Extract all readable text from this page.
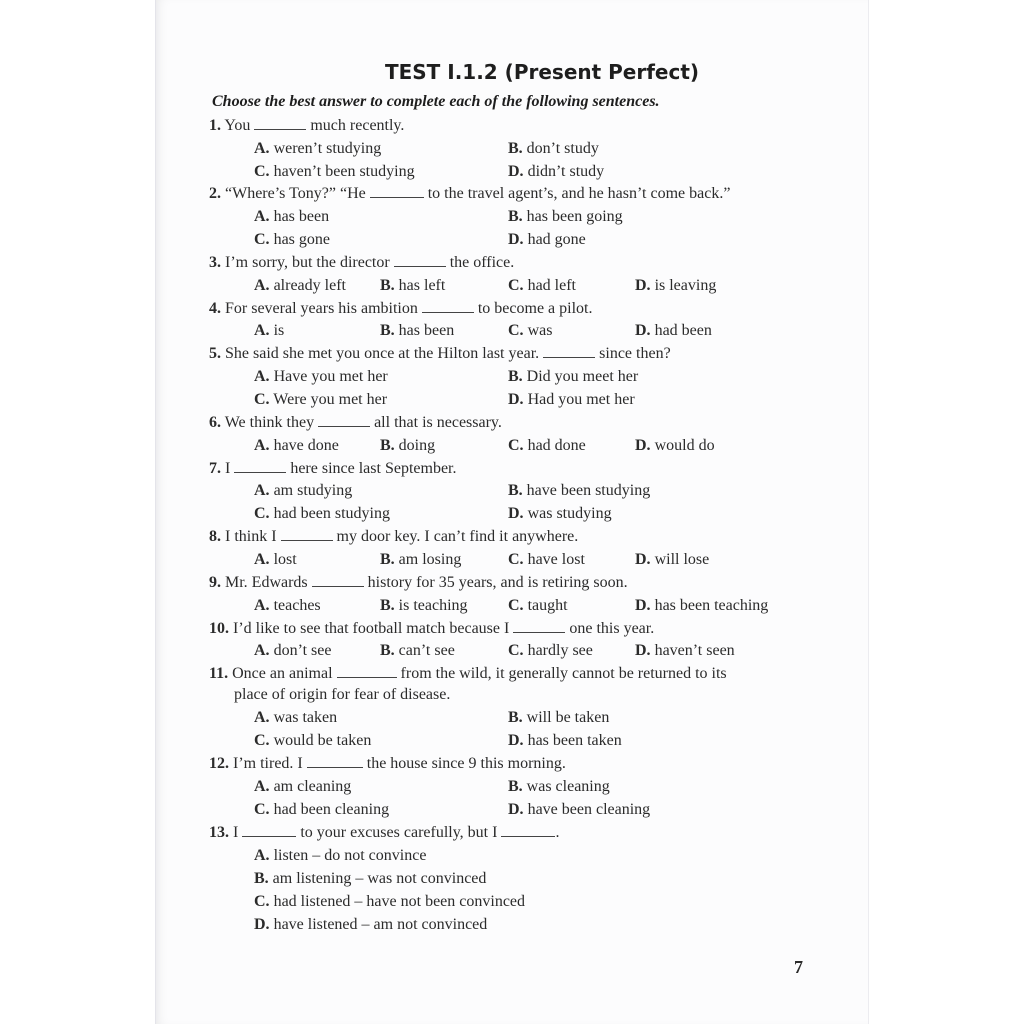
TEST I.1.2 (Present Perfect)
Choose the best answer to complete each of the following sentences.
1. You	much recently.
A. weren’t studying	B. don’t study
C. haven’t been studying	D. didn’t study
2. “Where’s Tony?” “He	to the travel agent’s, and he hasn’t come back.”
A. has been	B. has been going
C. has gone	D. had gone
3. I’m sorry, but the director	the office.
A. already left B. has left	C. had left	D. is leaving
4. For several years his ambition	to become a pilot.
A. is	B. has been	C. was	D. had been
5. She said she met you once at the Hilton last year.	since then?
A. Have you met her	B. Did you meet her
C. Were you met her	D. Had you met her
6. We think they	all that is necessary.
A. have done	B. doing	C. had done	D. would do
7. I	here since last September.
A. am studying	B. have been studying
C. had been studying	D. was studying
8. I think I	my door key. I can’t find it anywhere.
A. lost	B. am losing	C. have lost	D. will lose
9. Mr. Edwards	history for 35 years, and is retiring soon.
A. teaches	B. is teaching	C. taught	D. has been teaching
10. I’d like to see that football match because I	one this year.
A. don’t see	B. can’t see	C. hardly see	D. haven’t seen
11. Once an animal	from the wild, it generally cannot be returned to its
place of origin for fear of disease.
A. was taken	B. will be taken
C. would be taken	D. has been taken
12. I’m tired. I	the house since 9 this morning.
A. am cleaning	B. was cleaning
C. had been cleaning	D. have been cleaning
13. I	to your excuses carefully, but I	.
A. listen – do not convince
B. am listening – was not convinced
C. had listened – have not been convinced
D. have listened – am not convinced
7
